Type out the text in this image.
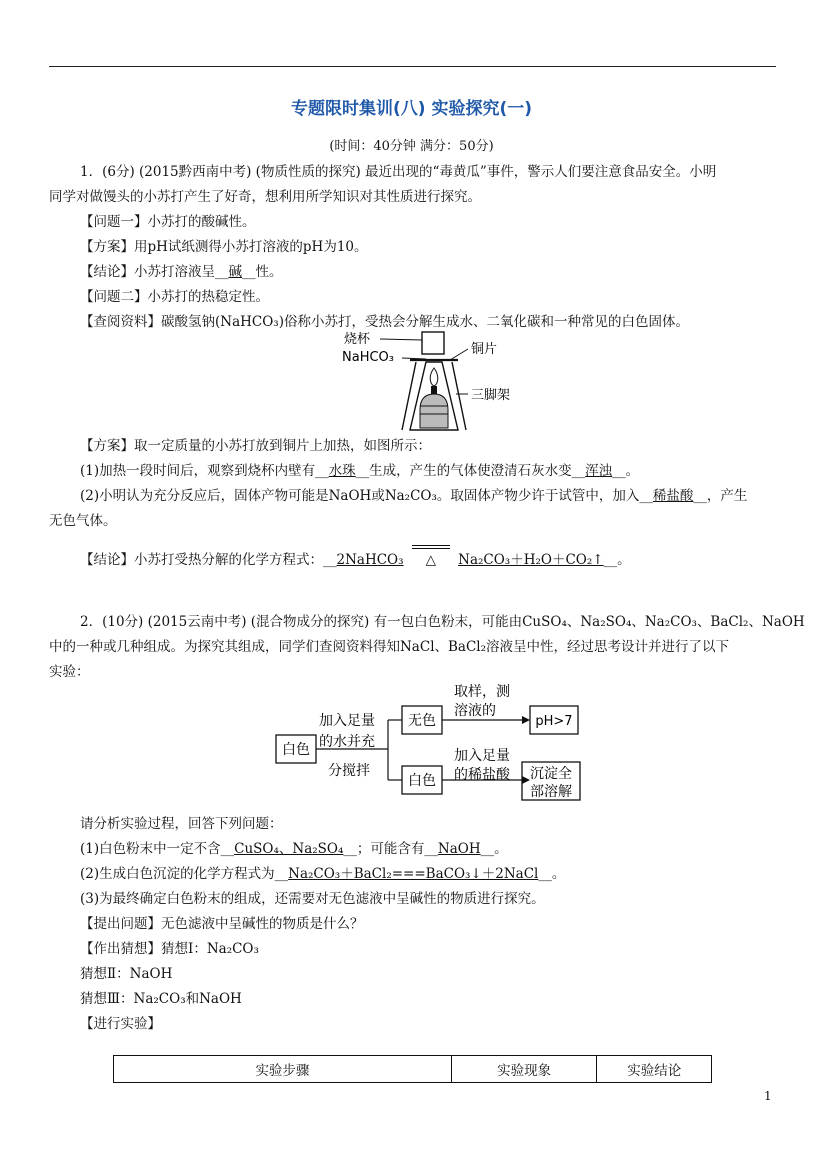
专题限时集训(八) 实验探究(一)
(时间：40分钟 满分：50分)
1．(6分) (2015黔西南中考) (物质性质的探究) 最近出现的“毒黄瓜”事件，警示人们要注意食品安全。小明
同学对做馒头的小苏打产生了好奇，想利用所学知识对其性质进行探究。
【问题一】小苏打的酸碱性。
【方案】用pH试纸测得小苏打溶液的pH为10。
【结论】小苏打溶液呈__碱__性。
【问题二】小苏打的热稳定性。
【查阅资料】碳酸氢钠(NaHCO₃)俗称小苏打，受热会分解生成水、二氧化碳和一种常见的白色固体。
烧杯
NaHCO₃
铜片
三脚架
【方案】取一定质量的小苏打放到铜片上加热，如图所示：
(1)加热一段时间后，观察到烧杯内壁有__水珠__生成，产生的气体使澄清石灰水变__浑浊__。
(2)小明认为充分反应后，固体产物可能是NaOH或Na₂CO₃。取固体产物少许于试管中，加入__稀盐酸__，产生
无色气体。
【结论】小苏打受热分解的化学方程式：__2NaHCO₃ △ Na₂CO₃＋H₂O＋CO₂↑__。
2．(10分) (2015云南中考) (混合物成分的探究) 有一包白色粉末，可能由CuSO₄、Na₂SO₄、Na₂CO₃、BaCl₂、NaOH
中的一种或几种组成。为探究其组成，同学们查阅资料得知NaCl、BaCl₂溶液呈中性，经过思考设计并进行了以下
实验：
白色
加入足量
的水并充
分搅拌
无色
白色
取样，测
溶液的
pH>7
加入足量
的稀盐酸 沉淀全
部溶解
请分析实验过程，回答下列问题：
(1)白色粉末中一定不含__CuSO₄、Na₂SO₄__；可能含有__NaOH__。
(2)生成白色沉淀的化学方程式为__Na₂CO₃＋BaCl₂===BaCO₃↓＋2NaCl__。
(3)为最终确定白色粉末的组成，还需要对无色滤液中呈碱性的物质进行探究。
【提出问题】无色滤液中呈碱性的物质是什么？
【作出猜想】猜想Ⅰ：Na₂CO₃
猜想Ⅱ：NaOH
猜想Ⅲ：Na₂CO₃和NaOH
【进行实验】
实验步骤	实验现象	实验结论
1
